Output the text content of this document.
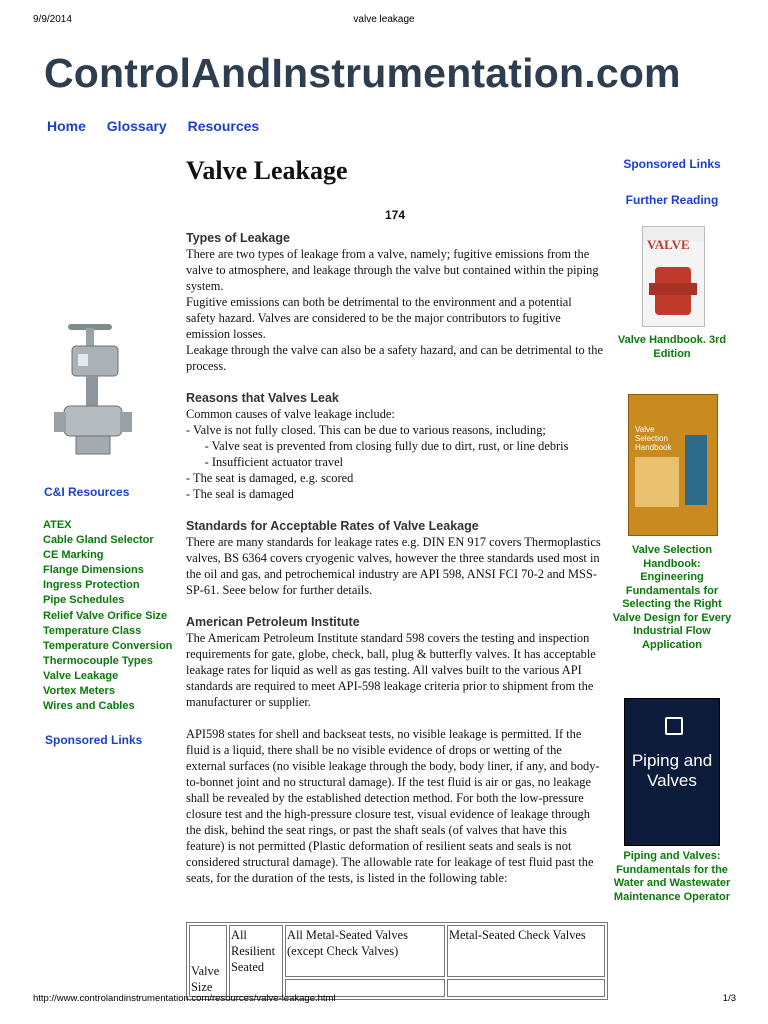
9/9/2014	valve leakage
ControlAndInstrumentation.com
Home Glossary Resources
C&I Resources
ATEX
Cable Gland Selector
CE Marking
Flange Dimensions
Ingress Protection
Pipe Schedules
Relief Valve Orifice Size
Temperature Class
Temperature Conversion
Thermocouple Types
Valve Leakage
Vortex Meters
Wires and Cables
Sponsored Links
Valve Leakage
174
Types of Leakage

There are two types of leakage from a valve, namely; fugitive emissions from the valve to atmosphere, and leakage through the valve but contained within the piping system.

Fugitive emissions can both be detrimental to the environment and a potential safety hazard. Valves are considered to be the major contributors to fugitive emission losses.

Leakage through the valve can also be a safety hazard, and can be detrimental to the process.

Reasons that Valves Leak

Common causes of valve leakage include:

- Valve is not fully closed. This can be due to various reasons, including;

- Valve seat is prevented from closing fully due to dirt, rust, or line debris

- Insufficient actuator travel

- The seat is damaged, e.g. scored

- The seal is damaged

Standards for Acceptable Rates of Valve Leakage

There are many standards for leakage rates e.g. DIN EN 917 covers Thermoplastics valves, BS 6364 covers cryogenic valves, however the three standards used most in the oil and gas, and petrochemical industry are API 598, ANSI FCI 70-2 and MSS-SP-61. Seee below for further details.

American Petroleum Institute

The Americam Petroleum Institute standard 598 covers the testing and inspection requirements for gate, globe, check, ball, plug & butterfly valves. It has acceptable leakage rates for liquid as well as gas testing. All valves built to the various API standards are required to meet API-598 leakage criteria prior to shipment from the manufacturer or supplier.

API598 states for shell and backseat tests, no visible leakage is permitted. If the fluid is a liquid, there shall be no visible evidence of drops or wetting of the external surfaces (no visible leakage through the body, body liner, if any, and body-to-bonnet joint and no structural damage). If the test fluid is air or gas, no leakage shall be revealed by the established detection method. For both the low-pressure closure test and the high-pressure closure test, visual evidence of leakage through the disk, behind the seat rings, or past the shaft seals (of valves that have this feature) is not permitted (Plastic deformation of resilient seats and seals is not considered structural damage). The allowable rate for leakage of test fluid past the seats, for the duration of the tests, is listed in the following table:

Valve Size	All Resilient Seated	All Metal-Seated Valves (except Check Valves)	Metal-Seated Check Valves

Sponsored Links
Further Reading
VALVE
Valve Handbook. 3rd Edition
Valve Selection Handbook
Valve Selection Handbook: Engineering Fundamentals for Selecting the Right Valve Design for Every Industrial Flow Application
Piping and Valves
Piping and Valves: Fundamentals for the Water and Wastewater Maintenance Operator
http://www.controlandinstrumentation.com/resources/valve-leakage.html	1/3
